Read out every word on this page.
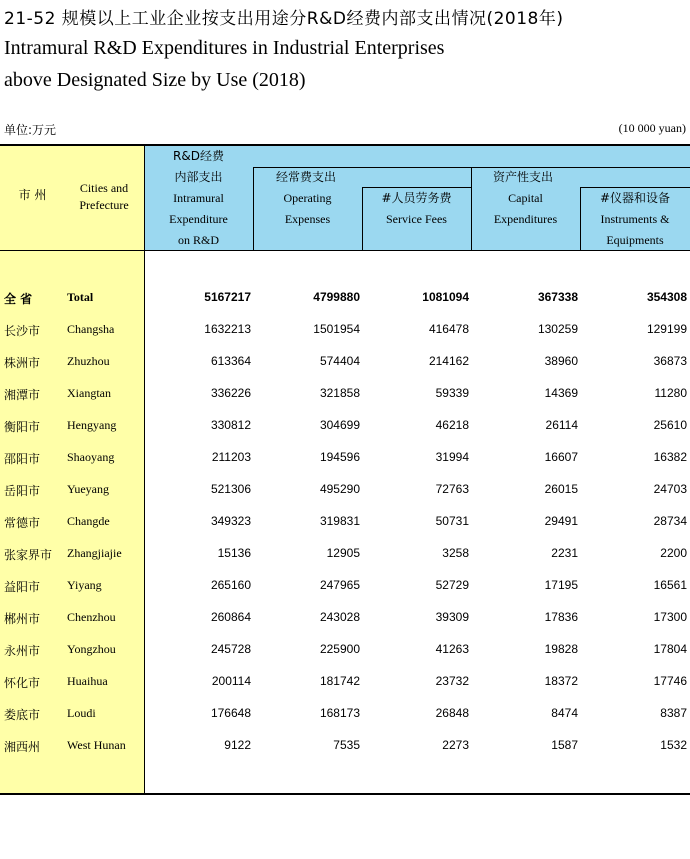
21-52 规模以上工业企业按支出用途分R&D经费内部支出情况(2018年)
Intramural R&D Expenditures in Industrial Enterprises
above Designated Size by Use (2018)
单位:万元	(10 000 yuan)
市 州	Cities and
Prefecture
R&D经费
内部支出
Intramural
Expenditure
on R&D
经常费支出
Operating
Expenses
#人员劳务费
Service Fees
资产性支出
Capital
Expenditures
#仪器和设备
Instruments &
Equipments
全 省	Total	5167217	4799880	1081094	367338	354308
长沙市 Changsha	1632213	1501954	416478	130259	129199
株洲市 Zhuzhou	613364	574404	214162	38960	36873
湘潭市 Xiangtan	336226	321858	59339	14369	11280
衡阳市 Hengyang	330812	304699	46218	26114	25610
邵阳市 Shaoyang	211203	194596	31994	16607	16382
岳阳市 Yueyang	521306	495290	72763	26015	24703
常德市 Changde	349323	319831	50731	29491	28734
张家界市 Zhangjiajie	15136	12905	3258	2231	2200
益阳市 Yiyang	265160	247965	52729	17195	16561
郴州市 Chenzhou	260864	243028	39309	17836	17300
永州市 Yongzhou	245728	225900	41263	19828	17804
怀化市 Huaihua	200114	181742	23732	18372	17746
娄底市 Loudi	176648	168173	26848	8474	8387
湘西州 West Hunan	9122	7535	2273	1587	1532
